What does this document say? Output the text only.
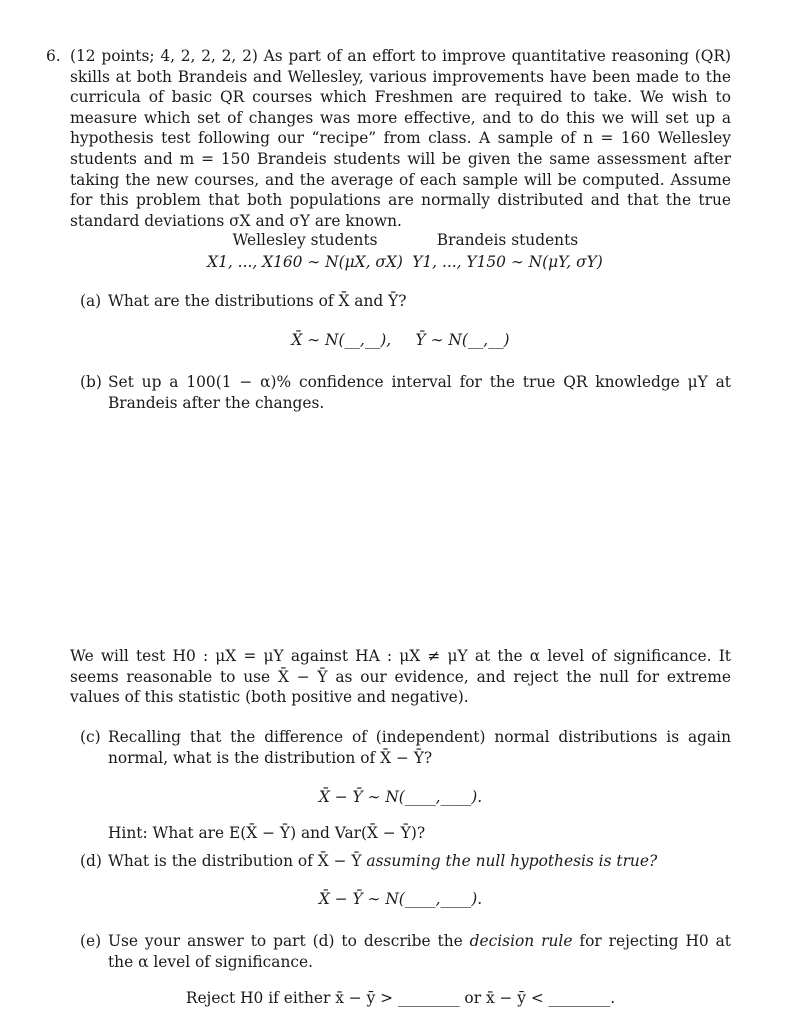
6. (12 points; 4, 2, 2, 2, 2) As part of an effort to improve quantitative reasoning (QR) skills at both Brandeis and Wellesley, various improvements have been made to the curricula of basic QR courses which Freshmen are required to take. We wish to measure which set of changes was more effective, and to do this we will set up a hypothesis test following our “recipe” from class. A sample of n = 160 Wellesley students and m = 150 Brandeis students will be given the same assessment after taking the new courses, and the average of each sample will be computed. Assume for this problem that both populations are normally distributed and that the true standard deviations σX and σY are known.
Wellesley students	Brandeis students
X1, ..., X160 ∼ N(μX, σX) Y1, ..., Y150 ∼ N(μY, σY)
(a) What are the distributions of X̄ and Ȳ?
X̄ ∼ N(__,__),     Ȳ ∼ N(__,__)
(b) Set up a 100(1 − α)% confidence interval for the true QR knowledge μY at Brandeis after the changes.
We will test H0 : μX = μY against HA : μX ≠ μY at the α level of significance. It seems reasonable to use X̄ − Ȳ as our evidence, and reject the null for extreme values of this statistic (both positive and negative).
(c) Recalling that the difference of (independent) normal distributions is again normal, what is the distribution of X̄ − Ȳ?
X̄ − Ȳ ∼ N(____,____).
Hint: What are E(X̄ − Ȳ) and Var(X̄ − Ȳ)?
(d) What is the distribution of X̄ − Ȳ assuming the null hypothesis is true?
X̄ − Ȳ ∼ N(____,____).
(e) Use your answer to part (d) to describe the decision rule for rejecting H0 at the α level of significance.
Reject H0 if either x̄ − ȳ > ________ or x̄ − ȳ < ________.
